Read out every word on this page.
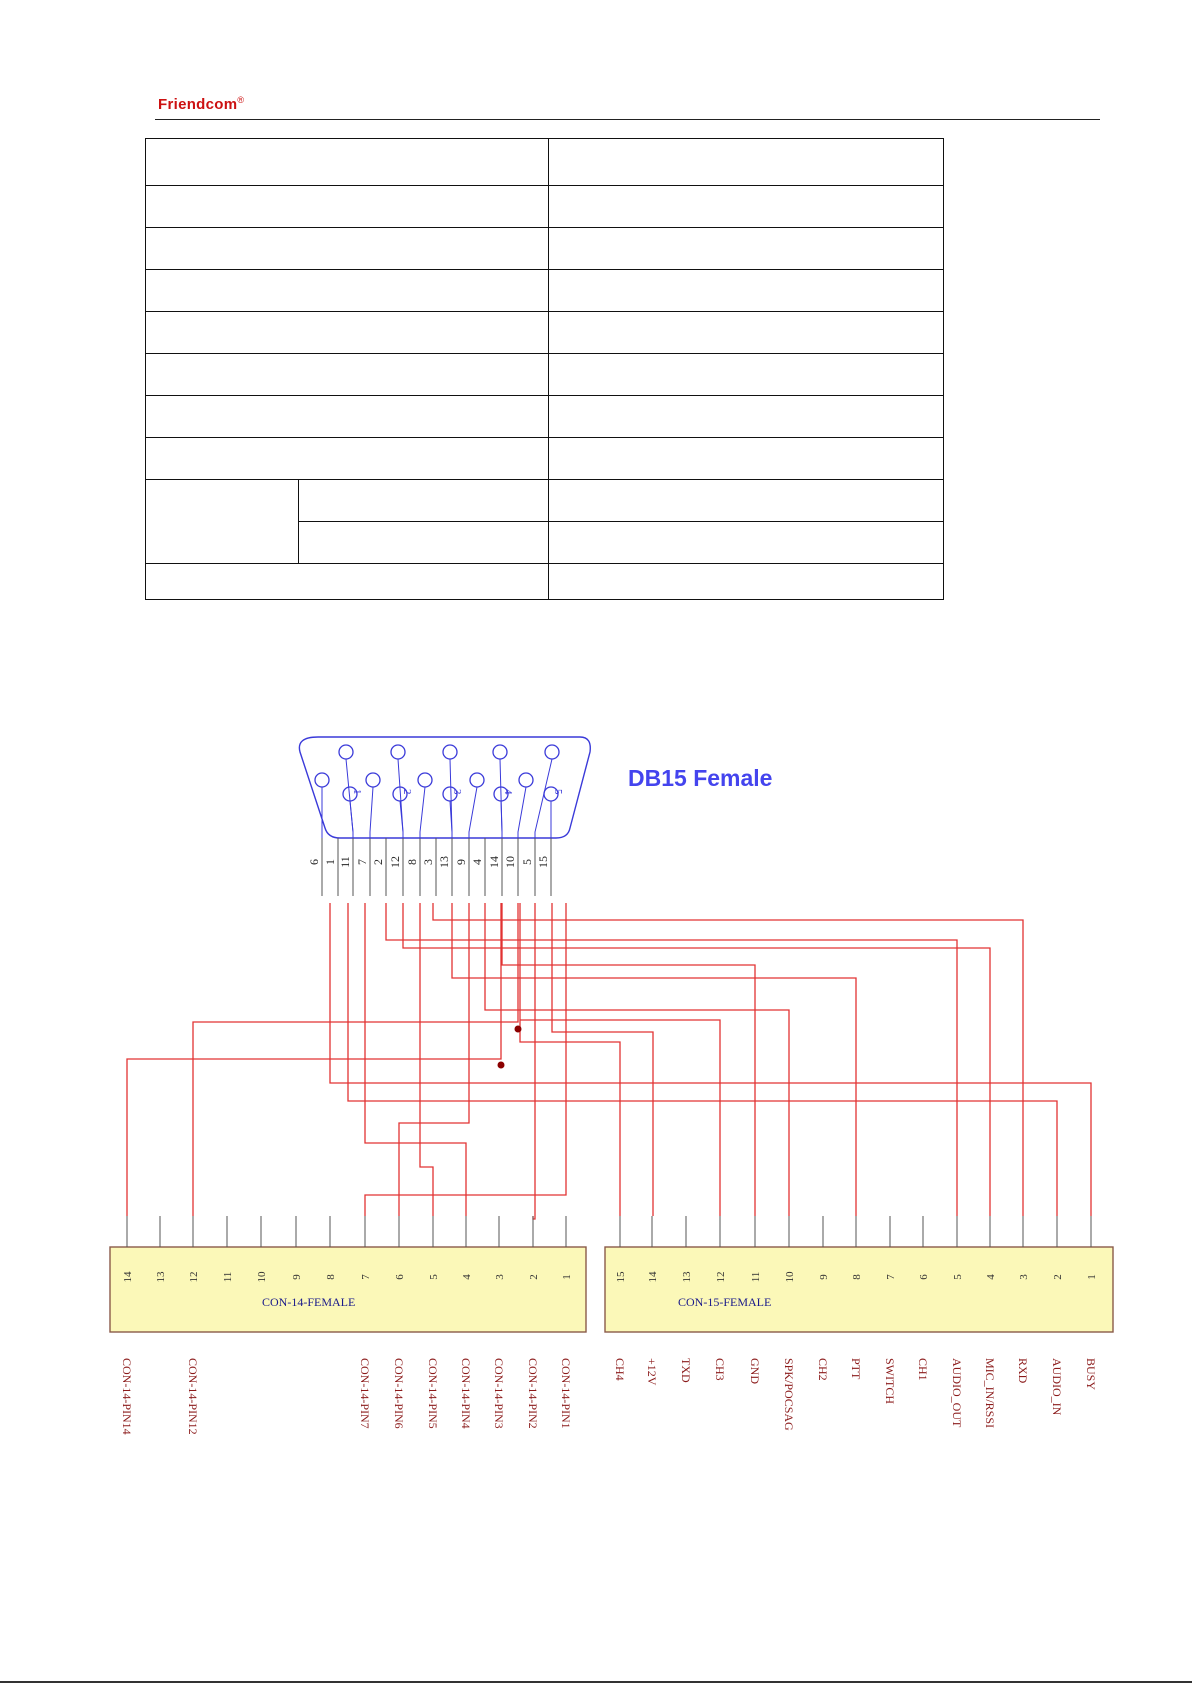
Friendcom®

1	2	3	4	5
6 1 11 7 2 12 8 3 13 9 4 14 10 5 15
DB15 Female
CON-14-FEMALE
14 13 12 11 10 9 8 7 6 5 4 3 2 1
CON-14-PIN14	CON-14-PIN12	CON-14-PIN7 CON-14-PIN6 CON-14-PIN5 CON-14-PIN4 CON-14-PIN3 CON-14-PIN2 CON-14-PIN1
CON-15-FEMALE
15 14 13 12 11 10 9 8 7 6 5 4 3 2 1
CH4 +12V TXD CH3 GND SPK/POCSAG CH2 PTT SWITCH CH1 AUDIO_OUT MIC_IN/RSSI RXD AUDIO_IN BUSY
